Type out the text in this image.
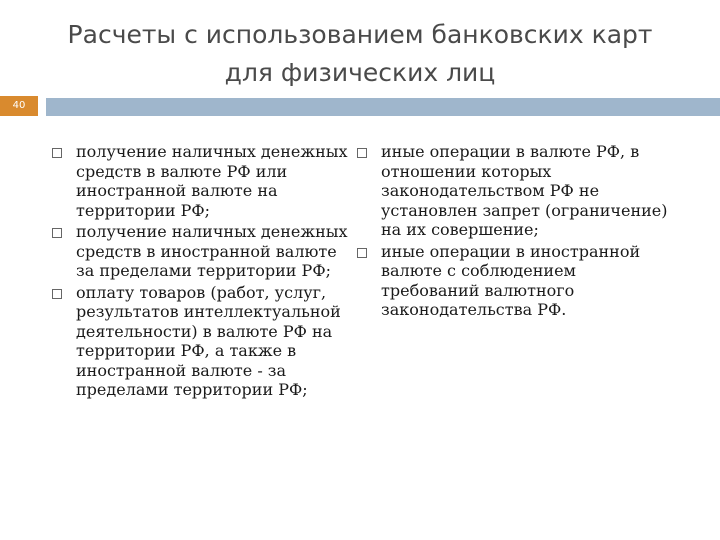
Расчеты с использованием банковских карт для физических лиц
40
получение наличных денежных средств в валюте РФ или иностранной валюте на территории РФ;
получение наличных денежных средств в иностранной валюте за пределами территории РФ;
оплату товаров (работ, услуг, результатов интеллектуальной деятельности) в валюте РФ на территории РФ, а также в иностранной валюте - за пределами территории РФ;
иные операции в валюте РФ, в отношении которых законодательством РФ не установлен запрет (ограничение) на их совершение;
иные операции в иностранной валюте с соблюдением требований валютного законодательства РФ.
